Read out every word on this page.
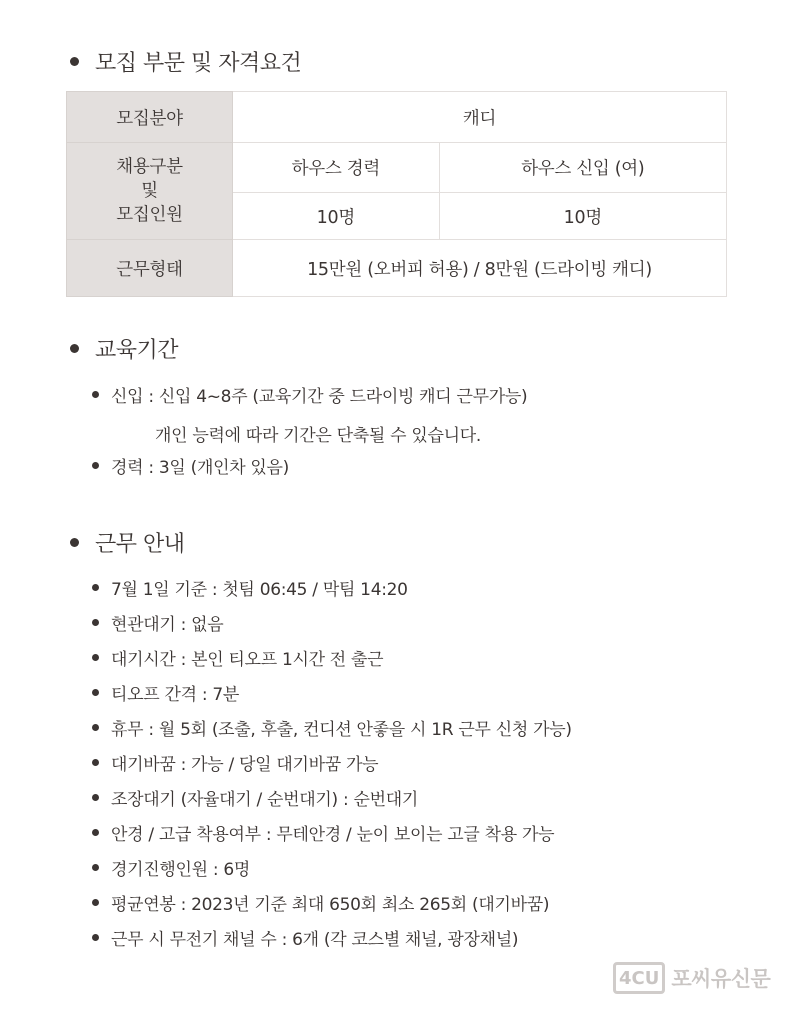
모집 부문 및 자격요건
모집분야	캐디	
채용구분
및
모집인원	하우스 경력	하우스 신입 (여)
	10명	10명
근무형태	15만원 (오버피 허용) / 8만원 (드라이빙 캐디)	
교육기간
신입 : 신입 4~8주 (교육기간 중 드라이빙 캐디 근무가능)
개인 능력에 따라 기간은 단축될 수 있습니다.
경력 : 3일 (개인차 있음)
근무 안내
7월 1일 기준 : 첫팀 06:45 / 막팀 14:20
현관대기 : 없음
대기시간 : 본인 티오프 1시간 전 출근
티오프 간격 : 7분
휴무 : 월 5회 (조출, 후출, 컨디션 안좋을 시 1R 근무 신청 가능)
대기바꿈 : 가능 / 당일 대기바꿈 가능
조장대기 (자율대기 / 순번대기) : 순번대기
안경 / 고급 착용여부 : 무테안경 / 눈이 보이는 고글 착용 가능
경기진행인원 : 6명
평균연봉 : 2023년 기준 최대 650회 최소 265회 (대기바꿈)
근무 시 무전기 채널 수 : 6개 (각 코스별 채널, 광장채널)
4CU 포씨유신문
